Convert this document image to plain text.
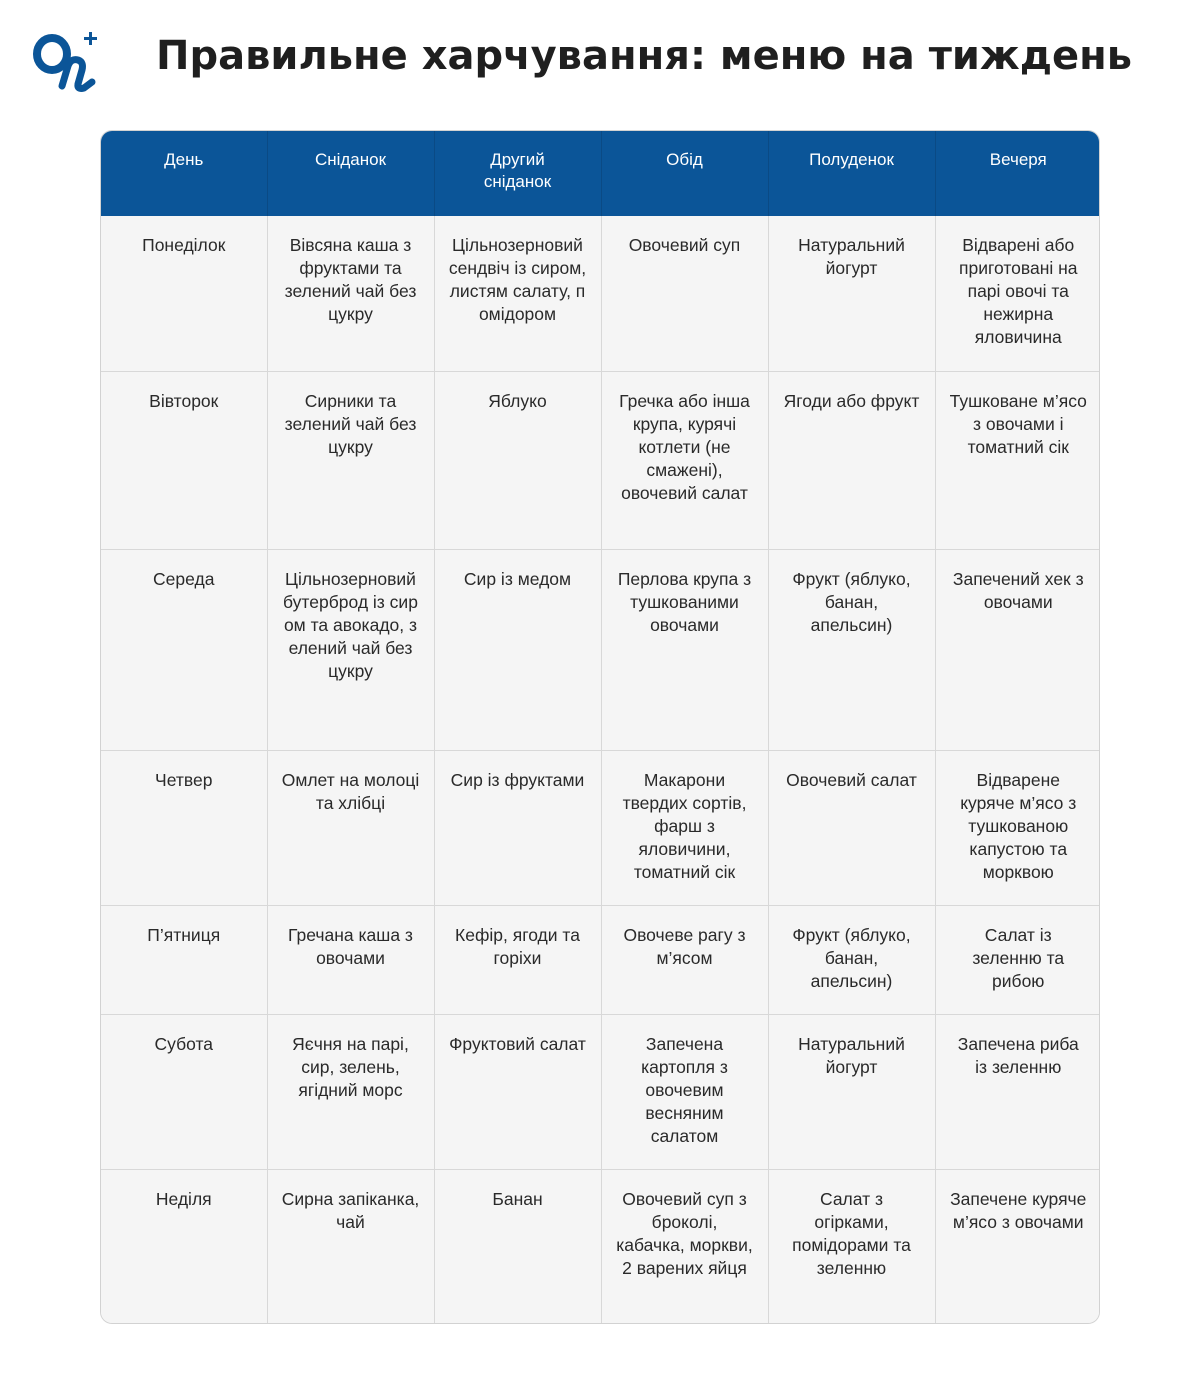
Правильне харчування: меню на тиждень
День	Сніданок	Другий сніданок	Обід	Полуденок	Вечеря
Понеділок	Вівсяна каша з фруктами та зелений чай без цукру	Цільнозерновий сендвіч із сиром, листям салату, помідором	Овочевий суп	Натуральний йогурт	Відварені або приготовані на парі овочі та нежирна яловичина
Вівторок	Сирники та зелений чай без цукру	Яблуко	Гречка або інша крупа, курячі котлети (не смажені), овочевий салат	Ягоди або фрукт	Тушковане м’ясо з овочами і томатний сік
Середа	Цільнозерновий бутерброд із сиром та авокадо, зелений чай без цукру	Сир із медом	Перлова крупа з тушкованими овочами	Фрукт (яблуко, банан, апельсин)	Запечений хек з овочами
Четвер	Омлет на молоці та хлібці	Сир із фруктами	Макарони твердих сортів, фарш з яловичини, томатний сік	Овочевий салат	Відварене куряче м’ясо з тушкованою капустою та морквою
П’ятниця	Гречана каша з овочами	Кефір, ягоди та горіхи	Овочеве рагу з м’ясом	Фрукт (яблуко, банан, апельсин)	Салат із зеленню та рибою
Субота	Яєчня на парі, сир, зелень, ягідний морс	Фруктовий салат	Запечена картопля з овочевим весняним салатом	Натуральний йогурт	Запечена риба із зеленню
Неділя	Сирна запіканка, чай	Банан	Овочевий суп з броколі, кабачка, моркви, 2 варених яйця	Салат з огірками, помідорами та зеленню	Запечене куряче м’ясо з овочами
